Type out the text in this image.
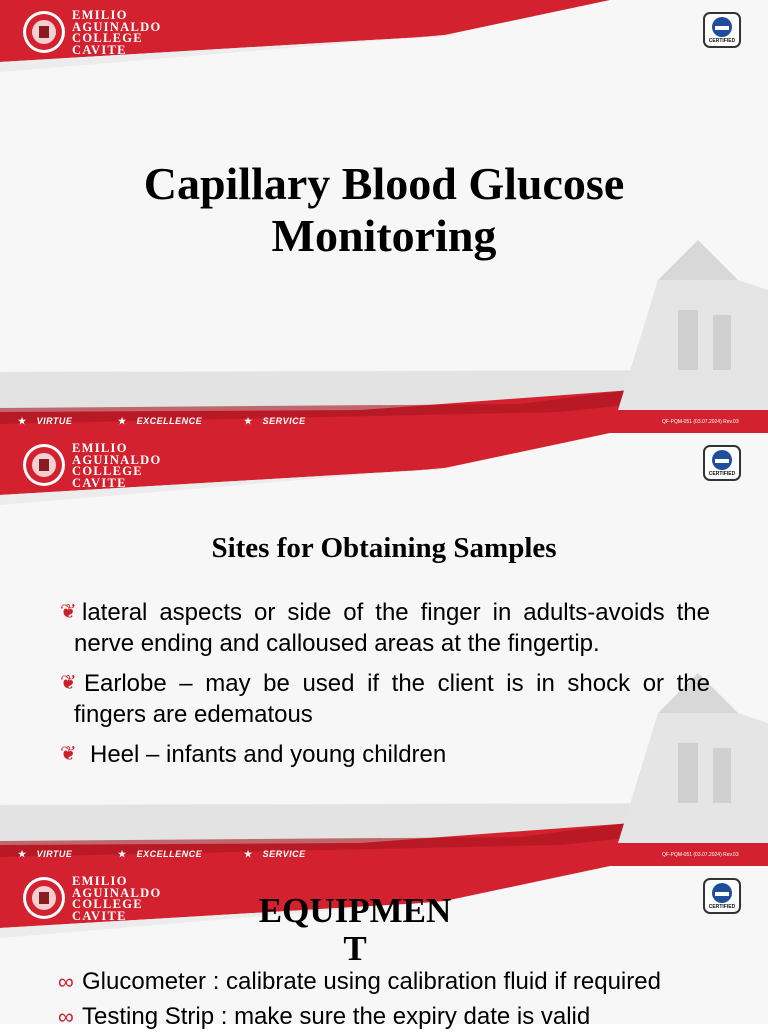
EMILIO
AGUINALDO
COLLEGE
CAVITE
CERTIFIED
Capillary Blood Glucose
Monitoring
★ VIRTUE	★ EXCELLENCE	★ SERVICE	QF-PQM-051 (03.07.2024) Rev.03
EMILIO
AGUINALDO
COLLEGE
CAVITE
CERTIFIED
★ VIRTUE	★ EXCELLENCE	★ SERVICE	QF-PQM-051 (03.07.2024) Rev.03
Sites for Obtaining Samples
❦ lateral aspects or side of the finger in adults-avoids the nerve ending and calloused areas at the fingertip.
❦ Earlobe – may be used if the client is in shock or the fingers are edematous
❦ Heel – infants and young children
EMILIO
AGUINALDO
COLLEGE
CAVITE
CERTIFIED
EQUIPMEN
T
∞ Glucometer : calibrate using calibration fluid if required
∞ Testing Strip : make sure the expiry date is valid
